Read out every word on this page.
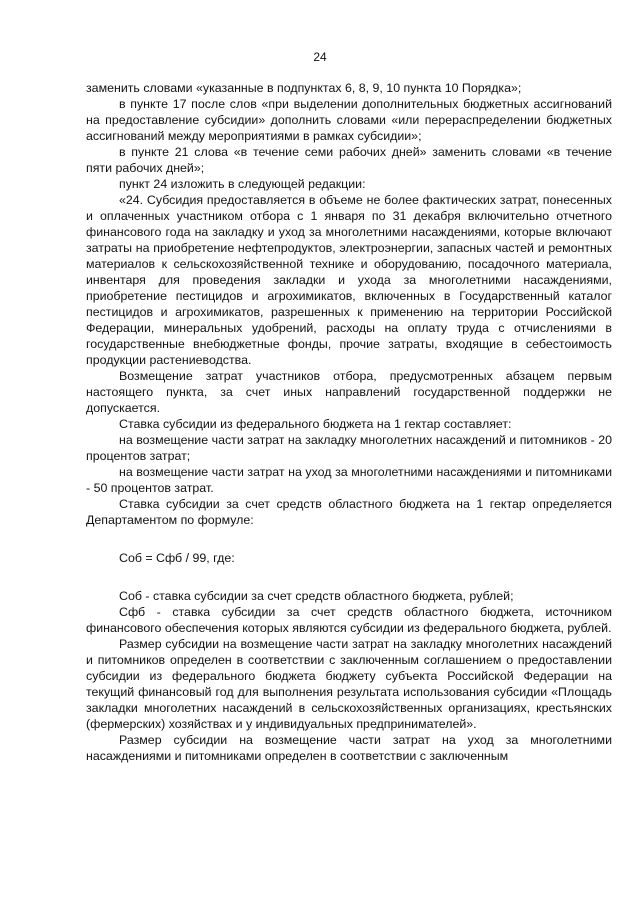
24

заменить словами «указанные в подпунктах 6, 8, 9, 10 пункта 10 Порядка»;

в пункте 17 после слов «при выделении дополнительных бюджетных ассигнований на предоставление субсидии» дополнить словами «или перераспределении бюджетных ассигнований между мероприятиями в рамках субсидии»;

в пункте 21 слова «в течение семи рабочих дней» заменить словами «в течение пяти рабочих дней»;

пункт 24 изложить в следующей редакции:

«24. Субсидия предоставляется в объеме не более фактических затрат, понесенных и оплаченных участником отбора с 1 января по 31 декабря включительно отчетного финансового года на закладку и уход за многолетними насаждениями, которые включают затраты на приобретение нефтепродуктов, электроэнергии, запасных частей и ремонтных материалов к сельскохозяйственной технике и оборудованию, посадочного материала, инвентаря для проведения закладки и ухода за многолетними насаждениями, приобретение пестицидов и агрохимикатов, включенных в Государственный каталог пестицидов и агрохимикатов, разрешенных к применению на территории Российской Федерации, минеральных удобрений, расходы на оплату труда с отчислениями в государственные внебюджетные фонды, прочие затраты, входящие в себестоимость продукции растениеводства.

Возмещение затрат участников отбора, предусмотренных абзацем первым настоящего пункта, за счет иных направлений государственной поддержки не допускается.

Ставка субсидии из федерального бюджета на 1 гектар составляет:

на возмещение части затрат на закладку многолетних насаждений и питомников - 20 процентов затрат;

на возмещение части затрат на уход за многолетними насаждениями и питомниками - 50 процентов затрат.

Ставка субсидии за счет средств областного бюджета на 1 гектар определяется Департаментом по формуле:

Соб = Сфб / 99, где:

Соб - ставка субсидии за счет средств областного бюджета, рублей;

Сфб - ставка субсидии за счет средств областного бюджета, источником финансового обеспечения которых являются субсидии из федерального бюджета, рублей.

Размер субсидии на возмещение части затрат на закладку многолетних насаждений и питомников определен в соответствии с заключенным соглашением о предоставлении субсидии из федерального бюджета бюджету субъекта Российской Федерации на текущий финансовый год для выполнения результата использования субсидии «Площадь закладки многолетних насаждений в сельскохозяйственных организациях, крестьянских (фермерских) хозяйствах и у индивидуальных предпринимателей».

Размер субсидии на возмещение части затрат на уход за многолетними насаждениями и питомниками определен в соответствии с заключенным
